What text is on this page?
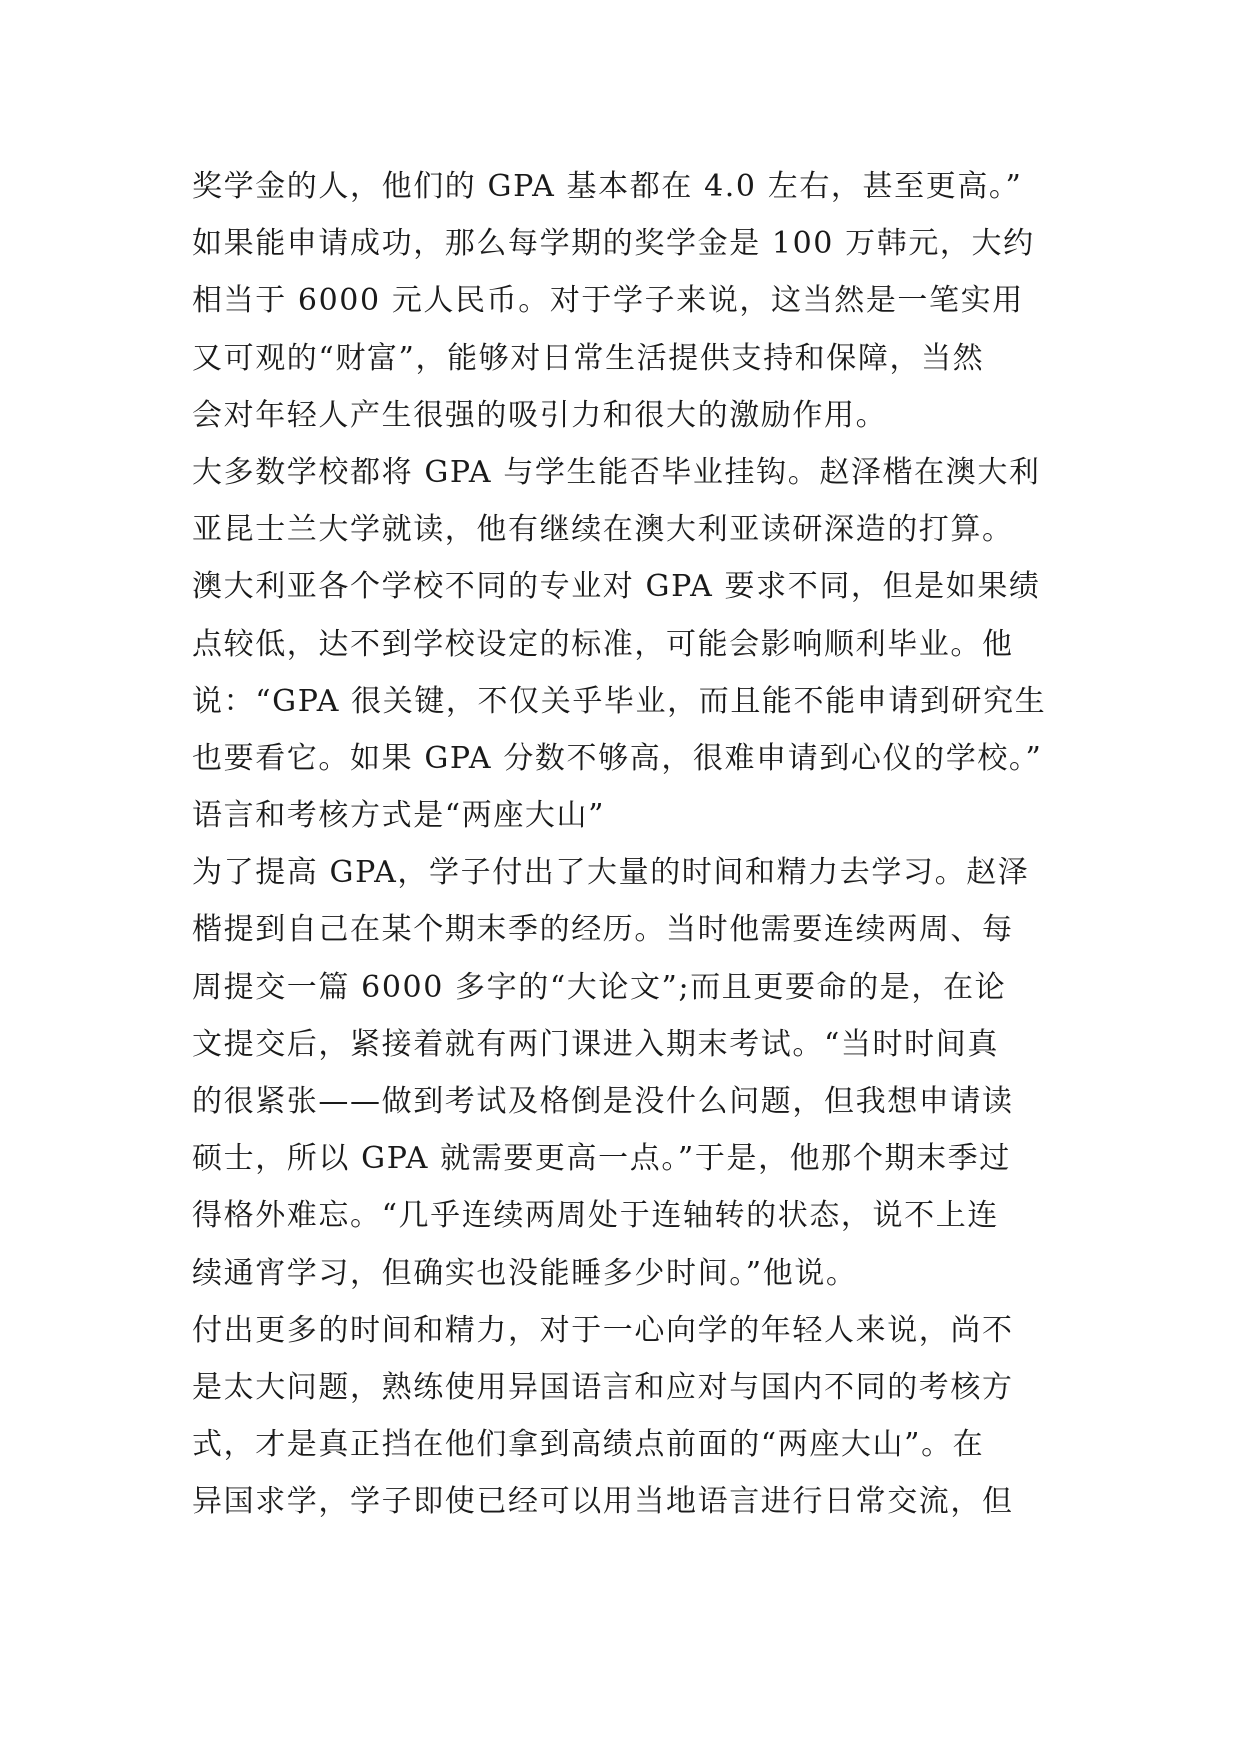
奖学金的人，他们的 GPA 基本都在 4.0 左右，甚至更高。”
如果能申请成功，那么每学期的奖学金是 100 万韩元，大约
相当于 6000 元人民币。对于学子来说，这当然是一笔实用
又可观的“财富”，能够对日常生活提供支持和保障，当然
会对年轻人产生很强的吸引力和很大的激励作用。
大多数学校都将 GPA 与学生能否毕业挂钩。赵泽楷在澳大利
亚昆士兰大学就读，他有继续在澳大利亚读研深造的打算。
澳大利亚各个学校不同的专业对 GPA 要求不同，但是如果绩
点较低，达不到学校设定的标准，可能会影响顺利毕业。他
说：“GPA 很关键，不仅关乎毕业，而且能不能申请到研究生
也要看它。如果 GPA 分数不够高，很难申请到心仪的学校。”
语言和考核方式是“两座大山”
为了提高 GPA，学子付出了大量的时间和精力去学习。赵泽
楷提到自己在某个期末季的经历。当时他需要连续两周、每
周提交一篇 6000 多字的“大论文”;而且更要命的是，在论
文提交后，紧接着就有两门课进入期末考试。“当时时间真
的很紧张——做到考试及格倒是没什么问题，但我想申请读
硕士，所以 GPA 就需要更高一点。”于是，他那个期末季过
得格外难忘。“几乎连续两周处于连轴转的状态，说不上连
续通宵学习，但确实也没能睡多少时间。”他说。
付出更多的时间和精力，对于一心向学的年轻人来说，尚不
是太大问题，熟练使用异国语言和应对与国内不同的考核方
式，才是真正挡在他们拿到高绩点前面的“两座大山”。在
异国求学，学子即使已经可以用当地语言进行日常交流，但
